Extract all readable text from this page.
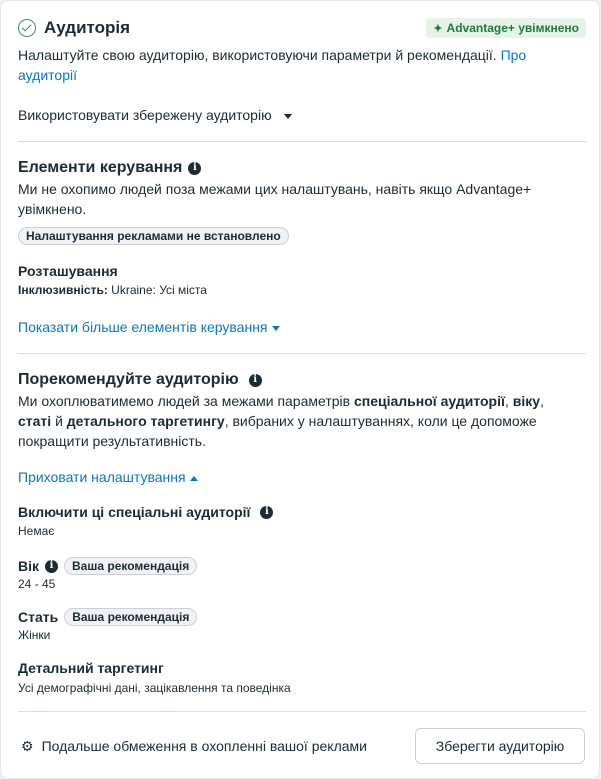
Аудиторія	✦ Advantage+ увімкнено
Налаштуйте свою аудиторію, використовуючи параметри й рекомендації. Про аудиторії
Використовувати збережену аудиторію
Елементи керування	i
Ми не охопимо людей поза межами цих налаштувань, навіть якщо Advantage+ увімкнено.
Налаштування рекламами не встановлено
Розташування
Інклюзивність: Ukraine: Усі міста
Показати більше елементів керування
Порекомендуйте аудиторію	i
Ми охоплюватимемо людей за межами параметрів спеціальної аудиторії, віку, статі й детального таргетингу, вибраних у налаштуваннях, коли це допоможе покращити результативність.
Приховати налаштування
Включити ці спеціальні аудиторії	i
Немає
Вік	i	Ваша рекомендація
24 - 45
Стать	Ваша рекомендація
Жінки
Детальний таргетинг
Усі демографічні дані, зацікавлення та поведінка
⚙ Подальше обмеження в охопленні вашої реклами	Зберегти аудиторію
